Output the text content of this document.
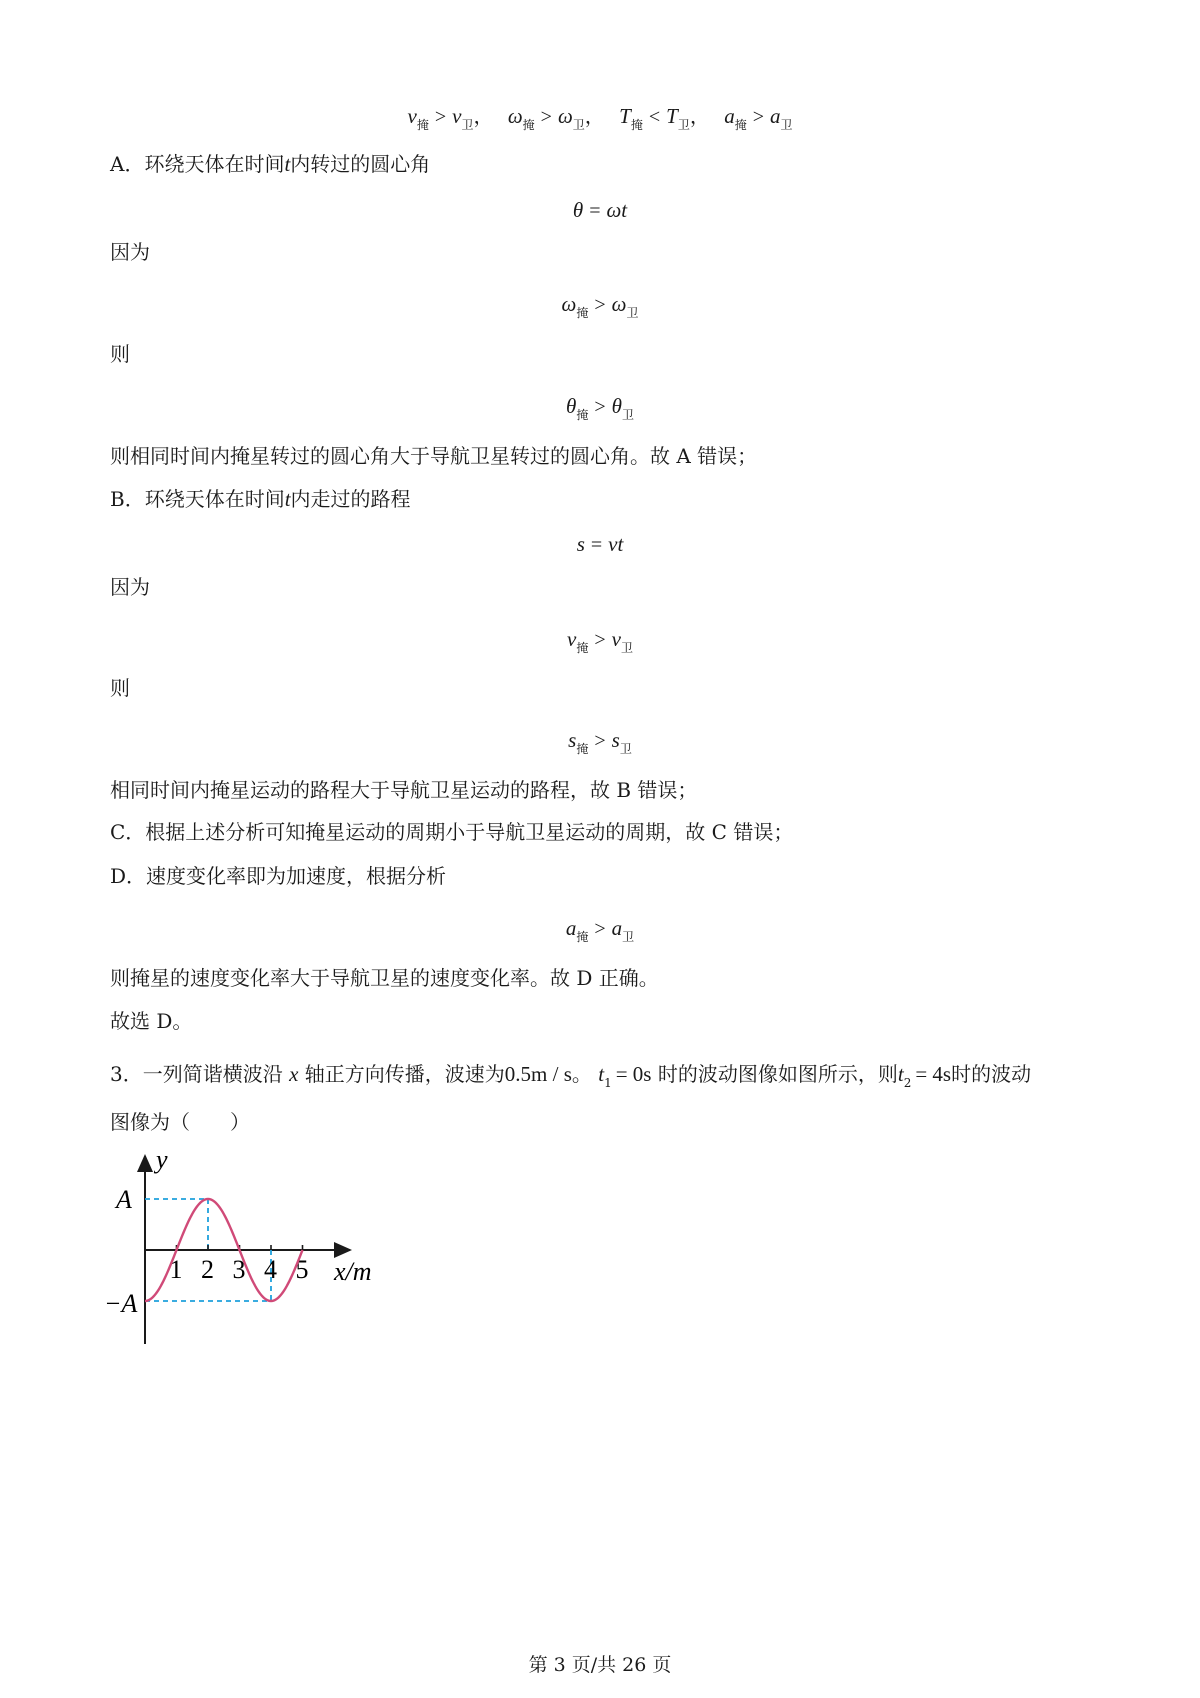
$v_掩 > v_卫$， $\omega_掩 > \omega_卫$， $T_掩 < T_卫$， $a_掩 > a_卫$
A．环绕天体在时间t内转过的圆心角
θ = ωt
因为
$\omega_掩 > \omega_卫$
则
$\theta_掩 > \theta_卫$
则相同时间内掩星转过的圆心角大于导航卫星转过的圆心角。故 A 错误；
B．环绕天体在时间t内走过的路程
s = vt
因为
$v_掩 > v_卫$
则
$s_掩 > s_卫$
相同时间内掩星运动的路程大于导航卫星运动的路程，故 B 错误；
C．根据上述分析可知掩星运动的周期小于导航卫星运动的周期，故 C 错误；
D．速度变化率即为加速度，根据分析
$a_掩 > a_卫$
则掩星的速度变化率大于导航卫星的速度变化率。故 D 正确。
故选 D。
3．一列简谐横波沿 x 轴正方向传播，波速为0.5m / s。 $t_1 = 0s$ 时的波动图像如图所示，则$t_2 = 4s$时的波动
图像为（　　）
1 2 3 4 5
y
x/m
A
−A
第 3 页/共 26 页
